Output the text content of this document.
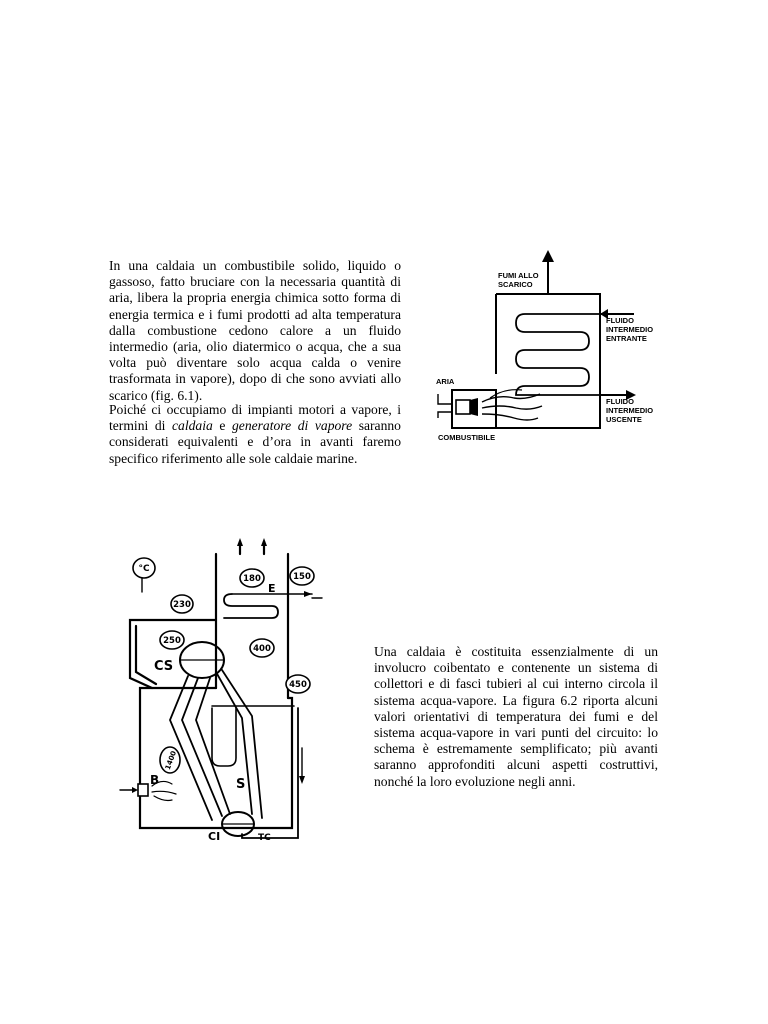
In una caldaia un combustibile solido, liquido o gassoso, fatto bruciare con la necessaria quantità di aria, libera la propria energia chimica sotto forma di energia termica e i fumi prodotti ad alta temperatura dalla combustione cedono calore a un fluido intermedio (aria, olio diatermico o acqua, che a sua volta può diventare solo acqua calda o venire trasformata in vapore), dopo di che sono avviati allo scarico (fig. 6.1).

Poiché ci occupiamo di impianti motori a vapore, i termini di caldaia e generatore di vapore saranno considerati equivalenti e d’ora in avanti faremo specifico riferimento alle sole caldaie marine.

Una caldaia è costituita essenzialmente di un involucro coibentato e contenente un sistema di collettori e di fasci tubieri al cui interno circola il sistema acqua-vapore. La figura 6.2 riporta alcuni valori orientativi di temperatura dei fumi e del sistema acqua-vapore in vari punti del circuito: lo schema è estremamente semplificato; più avanti saranno approfonditi alcuni aspetti costruttivi, nonché la loro evoluzione negli anni.

FUMI ALLO
SCARICO
FLUIDO
INTERMEDIO
ENTRANTE
ARIA
FLUIDO
INTERMEDIO
USCENTE
COMBUSTIBILE
°C
180	150
230
250
400
450
1400
E
CS
B	S
CI	TC
